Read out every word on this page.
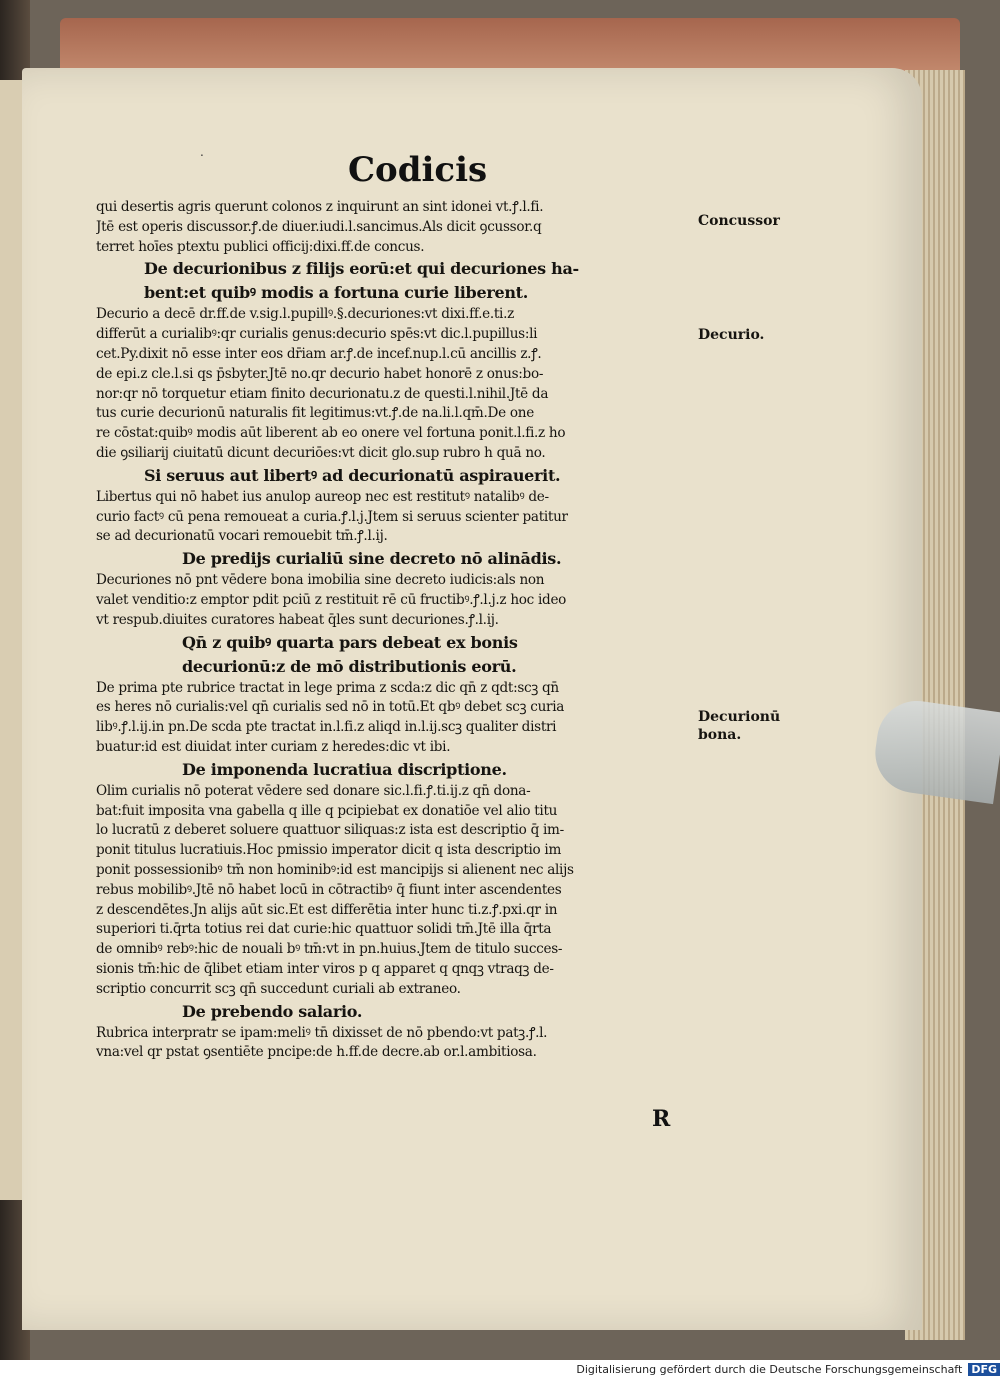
.	Codicis
qui desertis agris querunt colonos z inquirunt an sint idonei vt.ꝭ.l.fi.
Jtē est operis discussor.ꝭ.de diuer.iudi.l.sancimus.Als dicit ꝯcussor.q
terret hoīes ptextu publici officij:dixi.ff.de concus.
De decurionibus z filijs eorū:et qui decuriones ha-
bent:et quibꝰ modis a fortuna curie liberent.
Decurio a decē dr.ff.de v.sig.l.pupillꝰ.§.decuriones:vt dixi.ff.e.ti.z
differūt a curialibꝰ:qr curialis genus:decurio spēs:vt dic.l.pupillus:li
cet.Py.dixit nō esse inter eos dr̄iam ar.ꝭ.de incef.nup.l.cū ancillis z.ꝭ.
de epi.z cle.l.si qs p̄sbyter.Jtē no.qr decurio habet honorē z onus:bo-
nor:qr nō torquetur etiam finito decurionatu.z de questi.l.nihil.Jtē da
tus curie decurionū naturalis fit legitimus:vt.ꝭ.de na.li.l.qm̄.De one
re cōstat:quibꝰ modis aūt liberent ab eo onere vel fortuna ponit.l.fi.z ho
die ꝯsiliarij ciuitatū dicunt decuriōes:vt dicit glo.sup rubro h quā no.
Si seruus aut libertꝰ ad decurionatū aspirauerit.
Libertus qui nō habet ius anulop aureop nec est restitutꝰ natalibꝰ de-
curio factꝰ cū pena remoueat a curia.ꝭ.l.j.Jtem si seruus scienter patitur
se ad decurionatū vocari remouebit tm̄.ꝭ.l.ij.
De predijs curialiū sine decreto nō alinādis.
Decuriones nō pnt vēdere bona imobilia sine decreto iudicis:als non
valet venditio:z emptor pdit pciū z restituit rē cū fructibꝰ.ꝭ.l.j.z hoc ideo
vt respub.diuites curatores habeat q̄les sunt decuriones.ꝭ.l.ij.
Qn̄ z quibꝰ quarta pars debeat ex bonis
decurionū:z de mō distributionis eorū.
De prima pte rubrice tractat in lege prima z scda:z dic qn̄ z qdt:scꝫ qn̄
es heres nō curialis:vel qn̄ curialis sed nō in totū.Et qbꝰ debet scꝫ curia
libꝰ.ꝭ.l.ij.in pn.De scda pte tractat in.l.fi.z aliqd in.l.ij.scꝫ qualiter distri
buatur:id est diuidat inter curiam z heredes:dic vt ibi.
De imponenda lucratiua discriptione.
Olim curialis nō poterat vēdere sed donare sic.l.fi.ꝭ.ti.ij.z qn̄ dona-
bat:fuit imposita vna gabella q ille q pcipiebat ex donatiōe vel alio titu
lo lucratū z deberet soluere quattuor siliquas:z ista est descriptio q̄ im-
ponit titulus lucratiuis.Hoc pmissio imperator dicit q ista descriptio im
ponit possessionibꝰ tm̄ non hominibꝰ:id est mancipijs si alienent nec alijs
rebus mobilibꝰ.Jtē nō habet locū in cōtractibꝰ q̄ fiunt inter ascendentes
z descendētes.Jn alijs aūt sic.Et est differētia inter hunc ti.z.ꝭ.pxi.qr in
superiori ti.q̄rta totius rei dat curie:hic quattuor solidi tm̄.Jtē illa q̄rta
de omnibꝰ rebꝰ:hic de nouali bꝰ tm̄:vt in pn.huius.Jtem de titulo succes-
sionis tm̄:hic de q̄libet etiam inter viros p q apparet q qnqꝫ vtraqꝫ de-
scriptio concurrit scꝫ qn̄ succedunt curiali ab extraneo.
De prebendo salario.
Rubrica interpratr se ipam:meliꝰ tn̄ dixisset de nō pbendo:vt patꝫ.ꝭ.l.
vna:vel qr pstat ꝯsentiēte pncipe:de h.ff.de decre.ab or.l.ambitiosa.
Concussor
Decurio.
Decurionū bona.
R
Digitalisierung gefördert durch die Deutsche Forschungsgemeinschaft DFG
